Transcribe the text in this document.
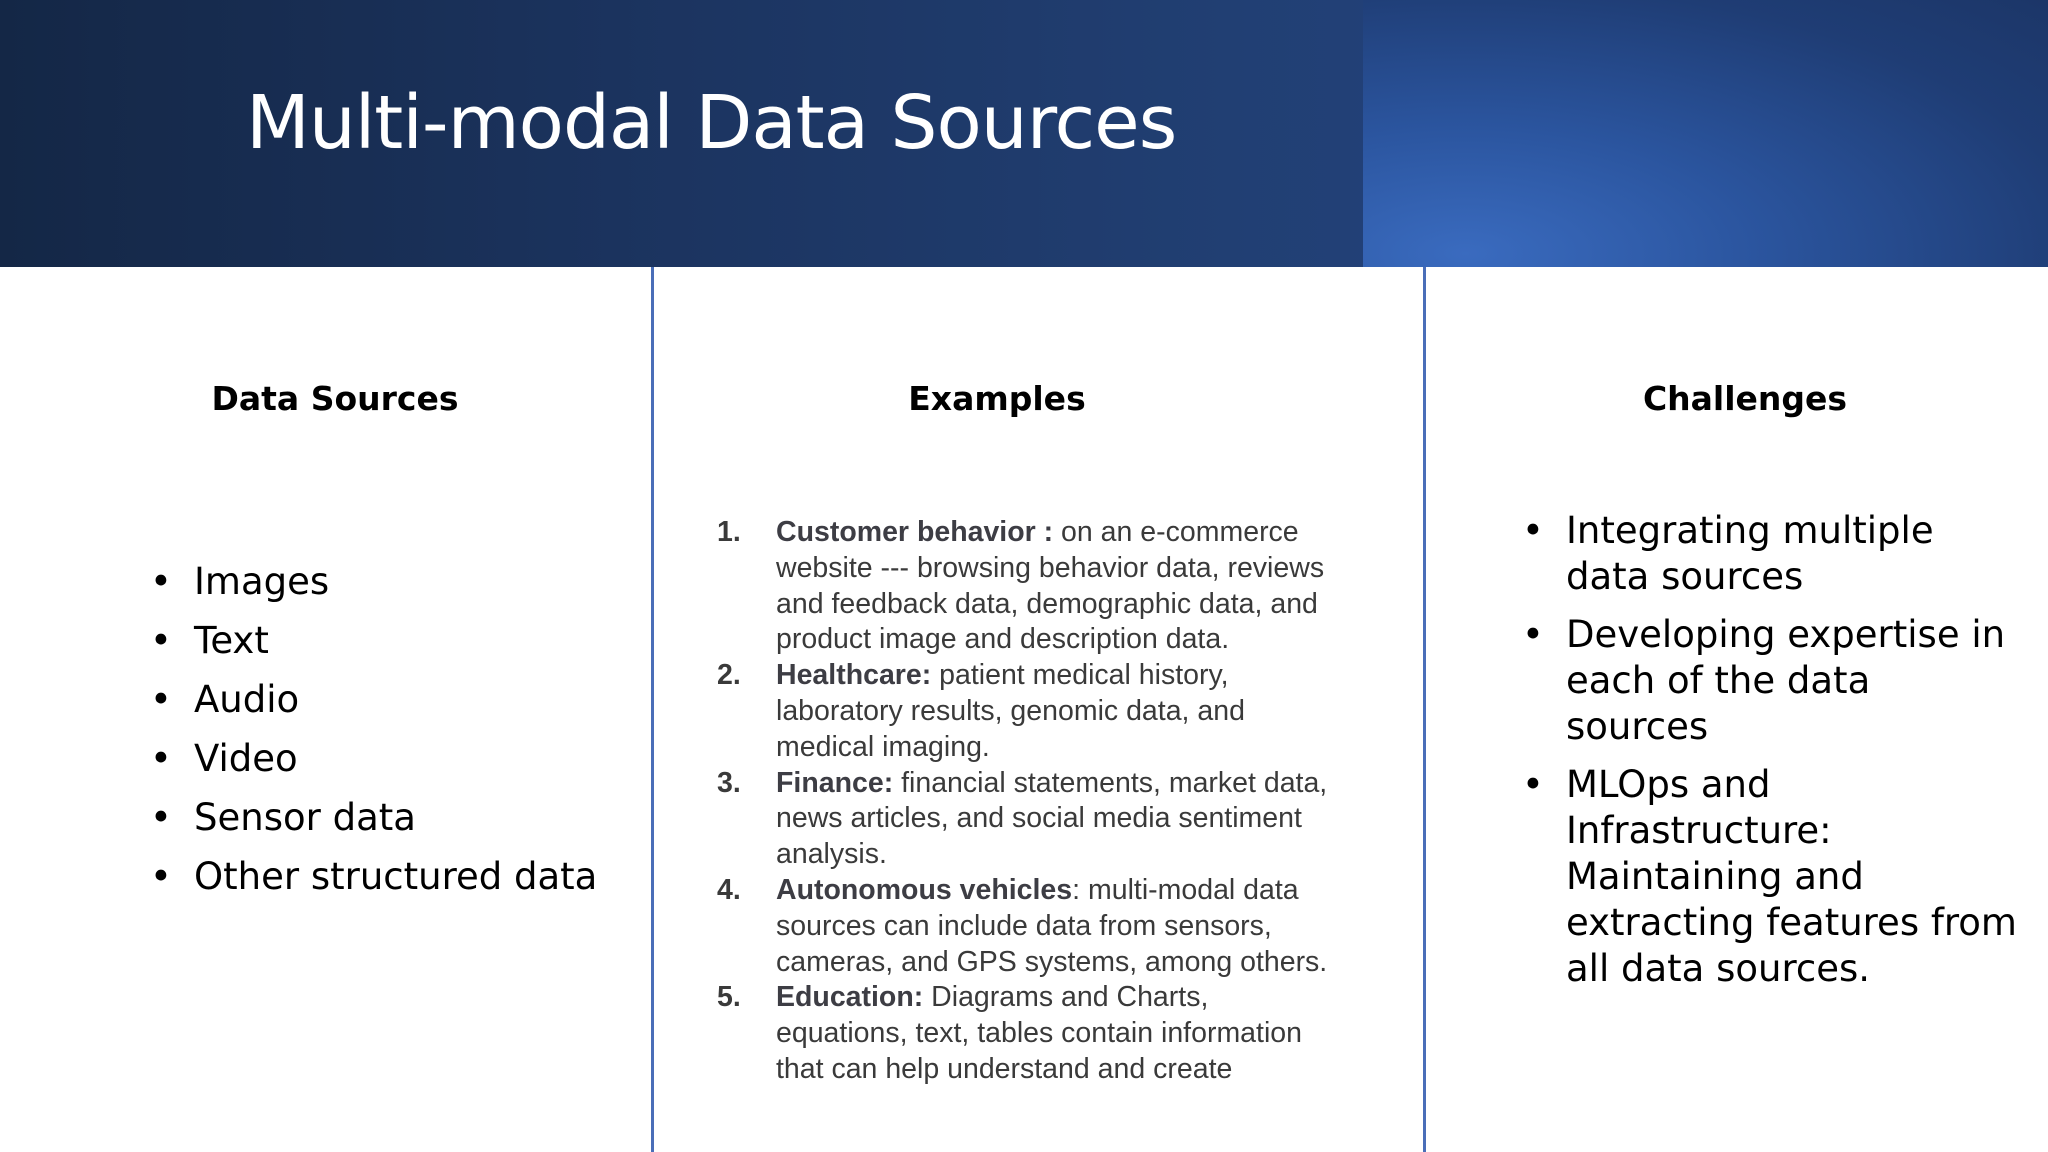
Multi-modal Data Sources
Data Sources	Examples	Challenges
• Images
• Text
• Audio
• Video
• Sensor data
• Other structured data
1. Customer behavior : on an e-commerce website --- browsing behavior data, reviews and feedback data, demographic data, and product image and description data.
2. Healthcare: patient medical history, laboratory results, genomic data, and medical imaging.
3. Finance: financial statements, market data, news articles, and social media sentiment analysis.
4. Autonomous vehicles: multi-modal data sources can include data from sensors, cameras, and GPS systems, among others.
5. Education: Diagrams and Charts, equations, text, tables contain information that can help understand and create
• Integrating multiple data sources
• Developing expertise in each of the data sources
• MLOps and Infrastructure: Maintaining and extracting features from all data sources.
